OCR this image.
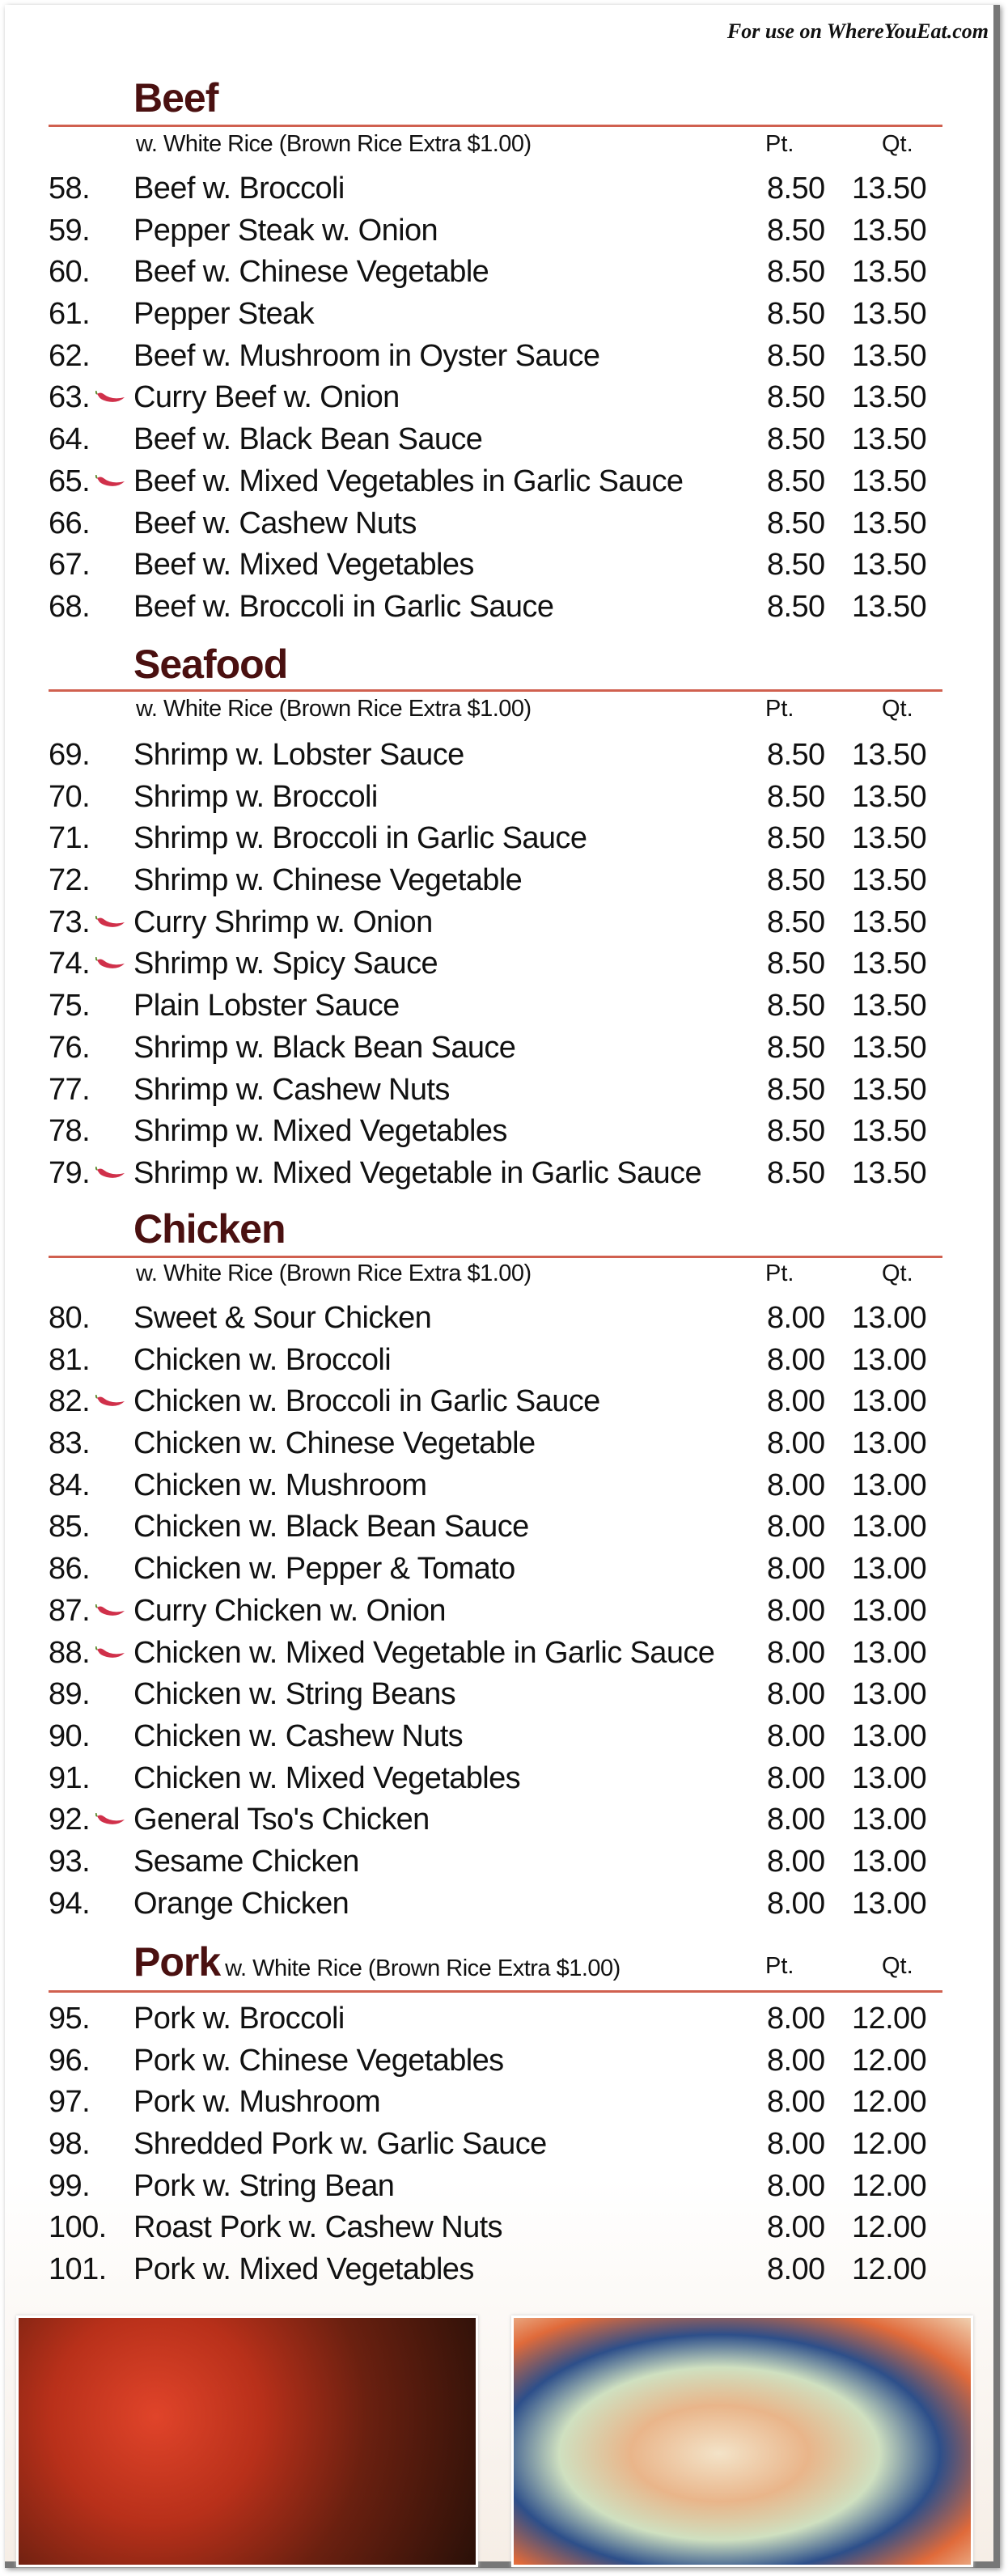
For use on WhereYouEat.com
Beef
w. White Rice (Brown Rice Extra $1.00)	Pt.	Qt.
58. Beef w. Broccoli	8.50 13.50
59. Pepper Steak w. Onion	8.50 13.50
60. Beef w. Chinese Vegetable	8.50 13.50
61. Pepper Steak	8.50 13.50
62. Beef w. Mushroom in Oyster Sauce	8.50 13.50
63. Curry Beef w. Onion	8.50 13.50
64. Beef w. Black Bean Sauce	8.50 13.50
65. Beef w. Mixed Vegetables in Garlic Sauce	8.50 13.50
66. Beef w. Cashew Nuts	8.50 13.50
67. Beef w. Mixed Vegetables	8.50 13.50
68. Beef w. Broccoli in Garlic Sauce	8.50 13.50
Seafood
w. White Rice (Brown Rice Extra $1.00)	Pt.	Qt.
69. Shrimp w. Lobster Sauce	8.50 13.50
70. Shrimp w. Broccoli	8.50 13.50
71. Shrimp w. Broccoli in Garlic Sauce	8.50 13.50
72. Shrimp w. Chinese Vegetable	8.50 13.50
73. Curry Shrimp w. Onion	8.50 13.50
74. Shrimp w. Spicy Sauce	8.50 13.50
75. Plain Lobster Sauce	8.50 13.50
76. Shrimp w. Black Bean Sauce	8.50 13.50
77. Shrimp w. Cashew Nuts	8.50 13.50
78. Shrimp w. Mixed Vegetables	8.50 13.50
79. Shrimp w. Mixed Vegetable in Garlic Sauce 8.50 13.50
Chicken
w. White Rice (Brown Rice Extra $1.00)	Pt.	Qt.
80. Sweet & Sour Chicken	8.00 13.00
81. Chicken w. Broccoli	8.00 13.00
82. Chicken w. Broccoli in Garlic Sauce	8.00 13.00
83. Chicken w. Chinese Vegetable	8.00 13.00
84. Chicken w. Mushroom	8.00 13.00
85. Chicken w. Black Bean Sauce	8.00 13.00
86. Chicken w. Pepper & Tomato	8.00 13.00
87. Curry Chicken w. Onion	8.00 13.00
88. Chicken w. Mixed Vegetable in Garlic Sauce 8.00 13.00
89. Chicken w. String Beans	8.00 13.00
90. Chicken w. Cashew Nuts	8.00 13.00
91. Chicken w. Mixed Vegetables	8.00 13.00
92. General Tso's Chicken	8.00 13.00
93. Sesame Chicken	8.00 13.00
94. Orange Chicken	8.00 13.00
Pork w. White Rice (Brown Rice Extra $1.00)	Pt.	Qt.
95. Pork w. Broccoli	8.00 12.00
96. Pork w. Chinese Vegetables	8.00 12.00
97. Pork w. Mushroom	8.00 12.00
98. Shredded Pork w. Garlic Sauce	8.00 12.00
99. Pork w. String Bean	8.00 12.00
100. Roast Pork w. Cashew Nuts	8.00 12.00
101. Pork w. Mixed Vegetables	8.00 12.00
